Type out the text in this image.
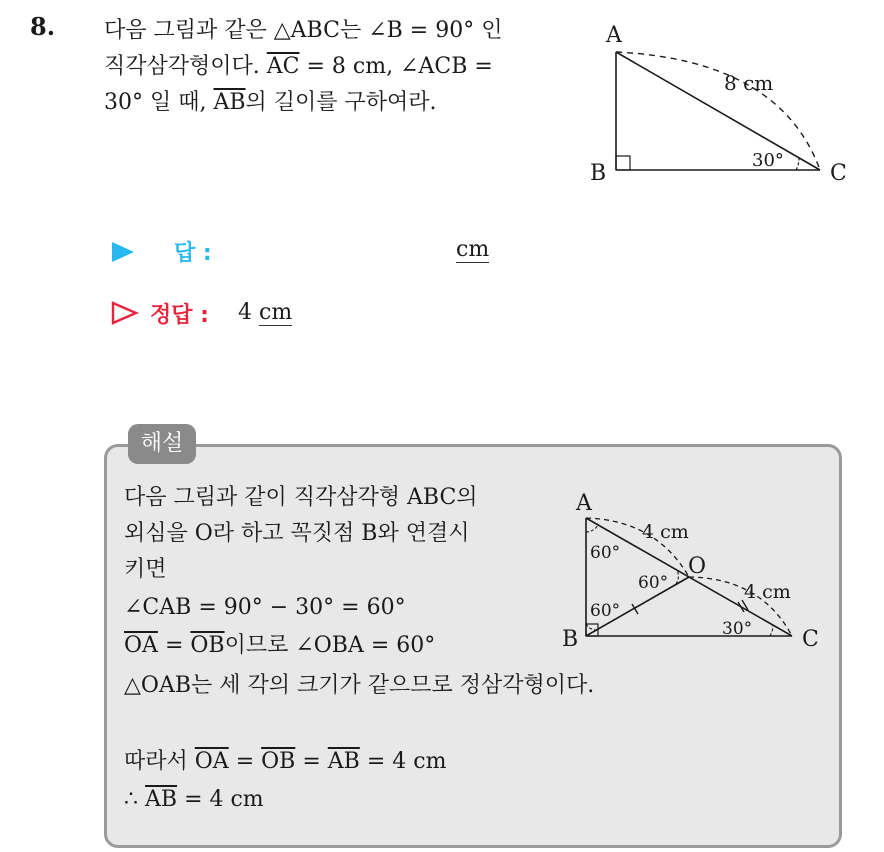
8. 다음 그림과 같은 △ABC는 ∠B = 90° 인
직각삼각형이다. $\overline{AC} = 8$ cm, ∠ACB =
30° 일 때, $\overline{AB}$의 길이를 구하여라.
A
B	C
8 cm
30°
답 :	cm
정답 : 4 cm
해설
다음 그림과 같이 직각삼각형 ABC의
외심을 O라 하고 꼭짓점 B와 연결시
키면
∠CAB = 90° − 30° = 60°
$\overline{OA} = \overline{OB}$이므로 ∠OBA = 60°
△OAB는 세 각의 크기가 같으므로 정삼각형이다.
따라서 $\overline{OA} = \overline{OB} = \overline{AB} = 4$ cm
∴ $\overline{AB} = 4$ cm
A
B	C
O
60°
60°
60°
30°
4 cm
4 cm
